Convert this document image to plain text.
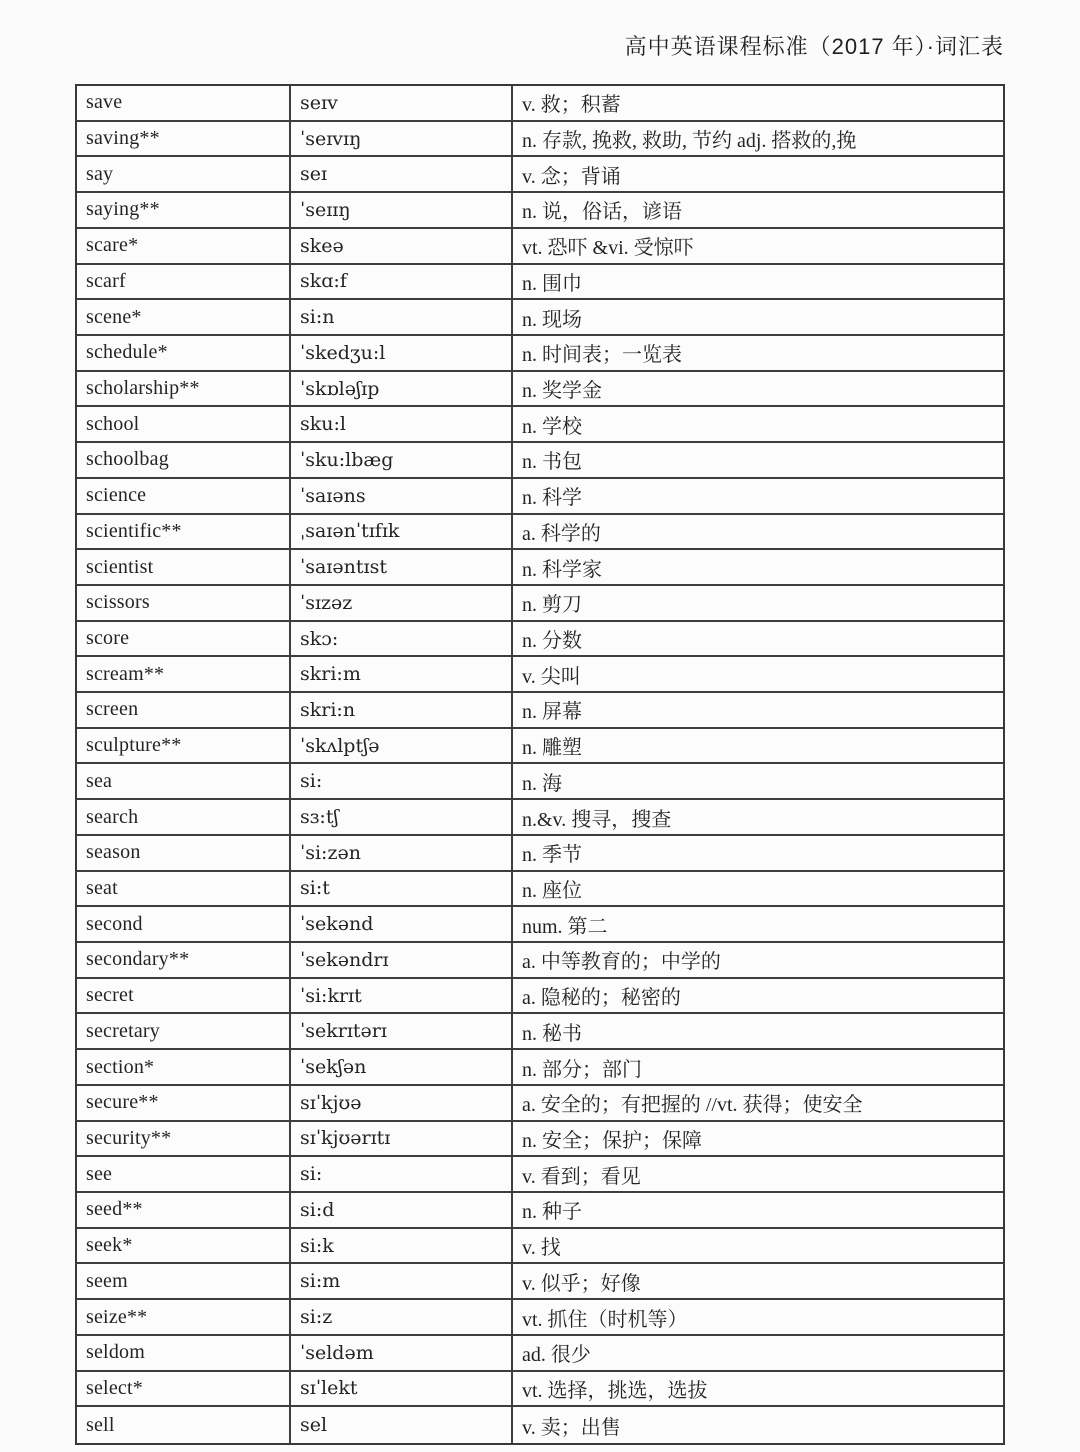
高中英语课程标准（2017 年）·词汇表
save	seɪv	v. 救；积蓄
saving**	ˈseɪvɪŋ	n. 存款, 挽救, 救助, 节约 adj. 搭救的,挽
say	seɪ	v. 念；背诵
saying**	ˈseɪɪŋ	n. 说，俗话，谚语
scare*	skeə	vt. 恐吓 &vi. 受惊吓
scarf	skɑ:f	n. 围巾
scene*	si:n	n. 现场
schedule*	ˈskedʒu:l	n. 时间表；一览表
scholarship**	ˈskɒləʃɪp	n. 奖学金
school	sku:l	n. 学校
schoolbag	ˈsku:lbæg	n. 书包
science	ˈsaɪəns	n. 科学
scientific**	ˌsaɪənˈtɪfɪk	a. 科学的
scientist	ˈsaɪəntɪst	n. 科学家
scissors	ˈsɪzəz	n. 剪刀
score	skɔ:	n. 分数
scream**	skri:m	v. 尖叫
screen	skri:n	n. 屏幕
sculpture**	ˈskʌlptʃə	n. 雕塑
sea	si:	n. 海
search	sɜ:tʃ	n.&v. 搜寻，搜查
season	ˈsi:zən	n. 季节
seat	si:t	n. 座位
second	ˈsekənd	num. 第二
secondary**	ˈsekəndrɪ	a. 中等教育的；中学的
secret	ˈsi:krɪt	a. 隐秘的；秘密的
secretary	ˈsekrɪtərɪ	n. 秘书
section*	ˈsekʃən	n. 部分；部门
secure**	sɪˈkjʊə	a. 安全的；有把握的 //vt. 获得；使安全
security**	sɪˈkjʊərɪtɪ	n. 安全；保护；保障
see	si:	v. 看到；看见
seed**	si:d	n. 种子
seek*	si:k	v. 找
seem	si:m	v. 似乎；好像
seize**	si:z	vt. 抓住（时机等）
seldom	ˈseldəm	ad. 很少
select*	sɪˈlekt	vt. 选择，挑选，选拔
sell	sel	v. 卖；出售
